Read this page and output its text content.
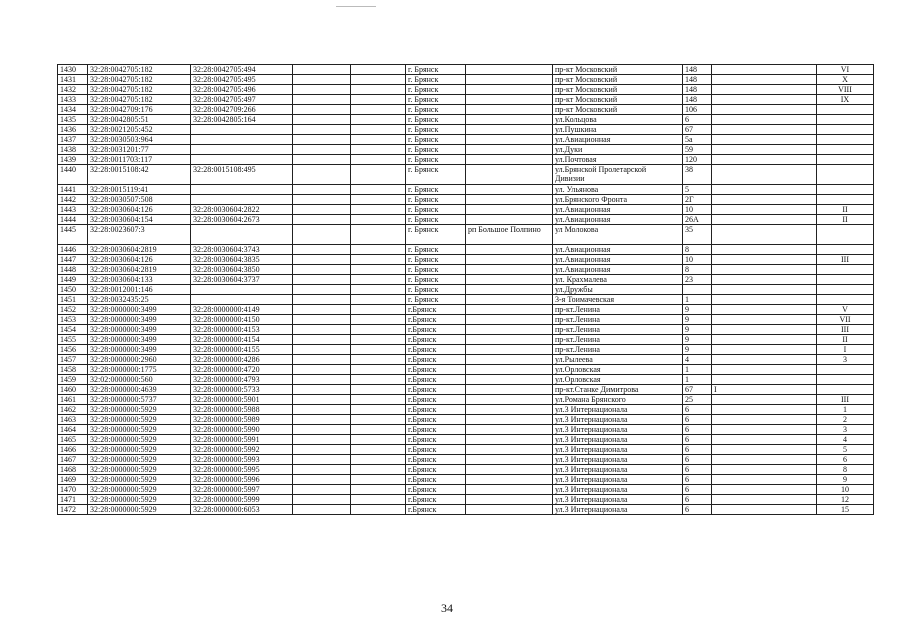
1430	32:28:0042705:182	32:28:0042705:494			г. Брянск		пр-кт Московский	148		VI
1431	32:28:0042705:182	32:28:0042705:495			г. Брянск		пр-кт Московский	148		X
1432	32:28:0042705:182	32:28:0042705:496			г. Брянск		пр-кт Московский	148		VIII
1433	32:28:0042705:182	32:28:0042705:497			г. Брянск		пр-кт Московский	148		IX
1434	32:28:0042709:176	32:28:0042709:266			г. Брянск		пр-кт Московский	106		
1435	32:28:0042805:51	32:28:0042805:164			г. Брянск		ул.Кольцова	6		
1436	32:28:0021205:452				г. Брянск		ул.Пушкина	67		
1437	32:28:0030503:964				г. Брянск		ул.Авиационная	5а		
1438	32:28:0031201:77				г. Брянск		ул.Дуки	59		
1439	32:28:0011703:117				г. Брянск		ул.Почтовая	120		
1440	32:28:0015108:42	32:28:0015108:495			г. Брянск		ул.Брянской Пролетарской
Дивизии	38		
1441	32:28:0015119:41				г. Брянск		ул. Ульянова	5		
1442	32:28:0030507:508				г. Брянск		ул.Брянского Фронта	2Г		
1443	32:28:0030604:126	32:28:0030604:2822			г. Брянск		ул.Авиационная	10		II
1444	32:28:0030604:154	32:28:0030604:2673			г. Брянск		ул.Авиационная	26А		II
1445	32:28:0023607:3				г. Брянск	рп Большое Полпино	ул Молокова	35		
1446	32:28:0030604:2819	32:28:0030604:3743			г. Брянск		ул.Авиационная	8		
1447	32:28:0030604:126	32:28:0030604:3835			г. Брянск		ул.Авиационная	10		III
1448	32:28:0030604:2819	32:28:0030604:3850			г. Брянск		ул.Авиационная	8		
1449	32:28:0030604:133	32:28:0030604:3737			г. Брянск		ул. Крахмалева	23		
1450	32:28:0012001:146				г. Брянск		ул.Дружбы			
1451	32:28:0032435:25				г. Брянск		3-я Тоимачевская	1		
1452	32:28:0000000:3499	32:28:0000000:4149			г.Брянск		пр-кт.Ленина	9		V
1453	32:28:0000000:3499	32:28:0000000:4150			г.Брянск		пр-кт.Ленина	9		VII
1454	32:28:0000000:3499	32:28:0000000:4153			г.Брянск		пр-кт.Ленина	9		III
1455	32:28:0000000:3499	32:28:0000000:4154			г.Брянск		пр-кт.Ленина	9		II
1456	32:28:0000000:3499	32:28:0000000:4155			г.Брянск		пр-кт.Ленина	9		I
1457	32:28:0000000:2960	32:28:0000000:4286			г.Брянск		ул.Рылеева	4		3
1458	32:28:0000000:1775	32:28:0000000:4720			г.Брянск		ул.Орловская	1		
1459	32:02:0000000:560	32:28:0000000:4793			г.Брянск		ул.Орловская	1		
1460	32:28:0000000:4639	32:28:0000000:5733			г.Брянск		пр-кт.Станке Димитрова	67	I	
1461	32:28:0000000:5737	32:28:0000000:5901			г.Брянск		ул.Романа Брянского	25		III
1462	32:28:0000000:5929	32:28:0000000:5988			г.Брянск		ул.3 Интернационала	6		1
1463	32:28:0000000:5929	32:28:0000000:5989			г.Брянск		ул.3 Интернационала	6		2
1464	32:28:0000000:5929	32:28:0000000:5990			г.Брянск		ул.3 Интернационала	6		3
1465	32:28:0000000:5929	32:28:0000000:5991			г.Брянск		ул.3 Интернационала	6		4
1466	32:28:0000000:5929	32:28:0000000:5992			г.Брянск		ул.3 Интернационала	6		5
1467	32:28:0000000:5929	32:28:0000000:5993			г.Брянск		ул.3 Интернационала	6		6
1468	32:28:0000000:5929	32:28:0000000:5995			г.Брянск		ул.3 Интернационала	6		8
1469	32:28:0000000:5929	32:28:0000000:5996			г.Брянск		ул.3 Интернационала	6		9
1470	32:28:0000000:5929	32:28:0000000:5997			г.Брянск		ул.3 Интернационала	6		10
1471	32:28:0000000:5929	32:28:0000000:5999			г.Брянск		ул.3 Интернационала	6		12
1472	32:28:0000000:5929	32:28:0000000:6053			г.Брянск		ул.3 Интернационала	6		15
34
